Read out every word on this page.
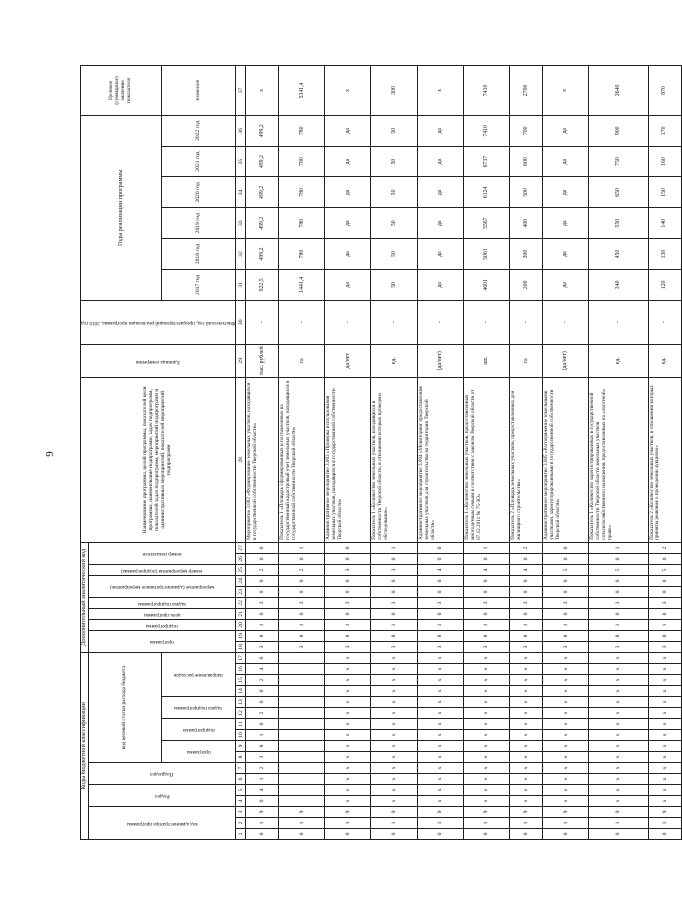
9
Коды бюджетной классификации																	Дополнительный аналитический код										Наименование программы, целей программы, показателей цели программы, наименование подпрограмм, задач подпрограмм, показателей задач подпрограмм, мероприятий подпрограмм и административных мероприятий, показателей мероприятий подпрограмм	Единица измерения	Фактический год, предшествующий реализации программы, 2016 год	Годы реализации программы						Целевое (суммарное) значение показателя

код администратора программы			Раздел		Подраздел		код целевой статьи расхода бюджета										программа		подпрограмма	цель программы	задача подпрограммы	мероприятие (административное мероприятие)		номер мероприятия (подпрограммы)	номер показателя											

							программа		подпрограмма		задача подпрограммы		направление расходов																	2017 год	2018 год	2019 год	2020 год	2021 год	2022 год	значение
1	2	3	4	5	6	7	8	9	10	11	12	13	14	15	16	17	18	19	20	21	22	23	24	25	26	27	28	29	30	31	32	33	34	35	36	37
0	1	9	0	4	1	2	3	8	1	0	2	0	0	2	4	6	3	8	1	0	3	0	0	2	0	0	Мероприятие 3.002 «Формирование земельных участков, находящихся в государственной собственности Тверской области»	тыс. рублей	-	922,5	499,2	499,2	499,2	499,2	499,2	х
0	1	9															3	8	1	0	3	0	0	2	0	1	Показатель 1 «Площадь сформированных и поставленных на государственный кадастровый учет земельных участков, находящихся в государственной собственности Тверской области»	га	-	1441,4	780	780	780	780	780	5341,4
0	1	9	х	х	х	х	х	х	х	х	х	х	х	х	х	х	3	8	1	0	3	0	0	3	0	0	Административное мероприятие 3.003 «Проверка использования земельных участков, находящихся в государственной собственности Тверской области»	да/нет	-	да	да	да	да	да	да	х
0	1	9	х	х	х	х	х	х	х	х	х	х	х	х	х	х	3	8	1	0	3	0	0	3	0	1	Показатель 1 «Количество земельных участков, находящихся в собственности Тверской области, в отношении которых проведено обследование»	ед.	-	50	50	50	50	50	50	300
0	1	9	х	х	х	х	х	х	х	х	х	х	х	х	х	х	3	8	1	0	3	0	0	4	0	0	Административное мероприятие 3.004 «Мониторинг предоставления земельных участков для строительства на территории Тверской области»	(да/нет)	-	да	да	да	да	да	да	х
0	1	9	х	х	х	х	х	х	х	х	х	х	х	х	х	х	3	8	1	0	3	0	0	4	0	1	Показатель 1 «Количество земельных участков, предоставленных многодетным семьям в соответствии с законом Тверской области от 07.12.2011 № 75-ЗО»	шт.	-	4601	5061	5567	6124	6737	7410	7410
0	1	9	х	х	х	х	х	х	х	х	х	х	х	х	х	х	3	8	1	0	3	0	0	4	0	2	Показатель 2 «Площадь земельных участков, предоставленных для жилищного строительства»	га	-	200	300	400	500	600	700	2700
0	1	9	х	х	х	х	х	х	х	х	х	х	х	х	х	х	3	8	1	0	3	0	0	5	0	0	Административное мероприятие 3.005 «Распоряжение земельными участками, зарегистрированными в государственной собственности Тверской области»	(да/нет)	-	да	да	да	да	да	да	х
0	1	9	х	х	х	х	х	х	х	х	х	х	х	х	х	х	3	8	1	0	3	0	0	5	0	1	Показатель 1 «Количество зарегистрированных в государственной собственности Тверской области земельных участков сельскохозяйственного назначения, предоставленных на «льготной» праве»	ед.	-	340	450	550	650	750	900	3640
0	1	9	х	х	х	х	х	х	х	х	х	х	х	х	х	х	3	8	1	0	3	0	0	5	0	2	Показатель 2 «Количество земельных участков, в отношении которых приняты решения о проведении аукциона»	ед.	-	120	130	140	150	160	170	870
